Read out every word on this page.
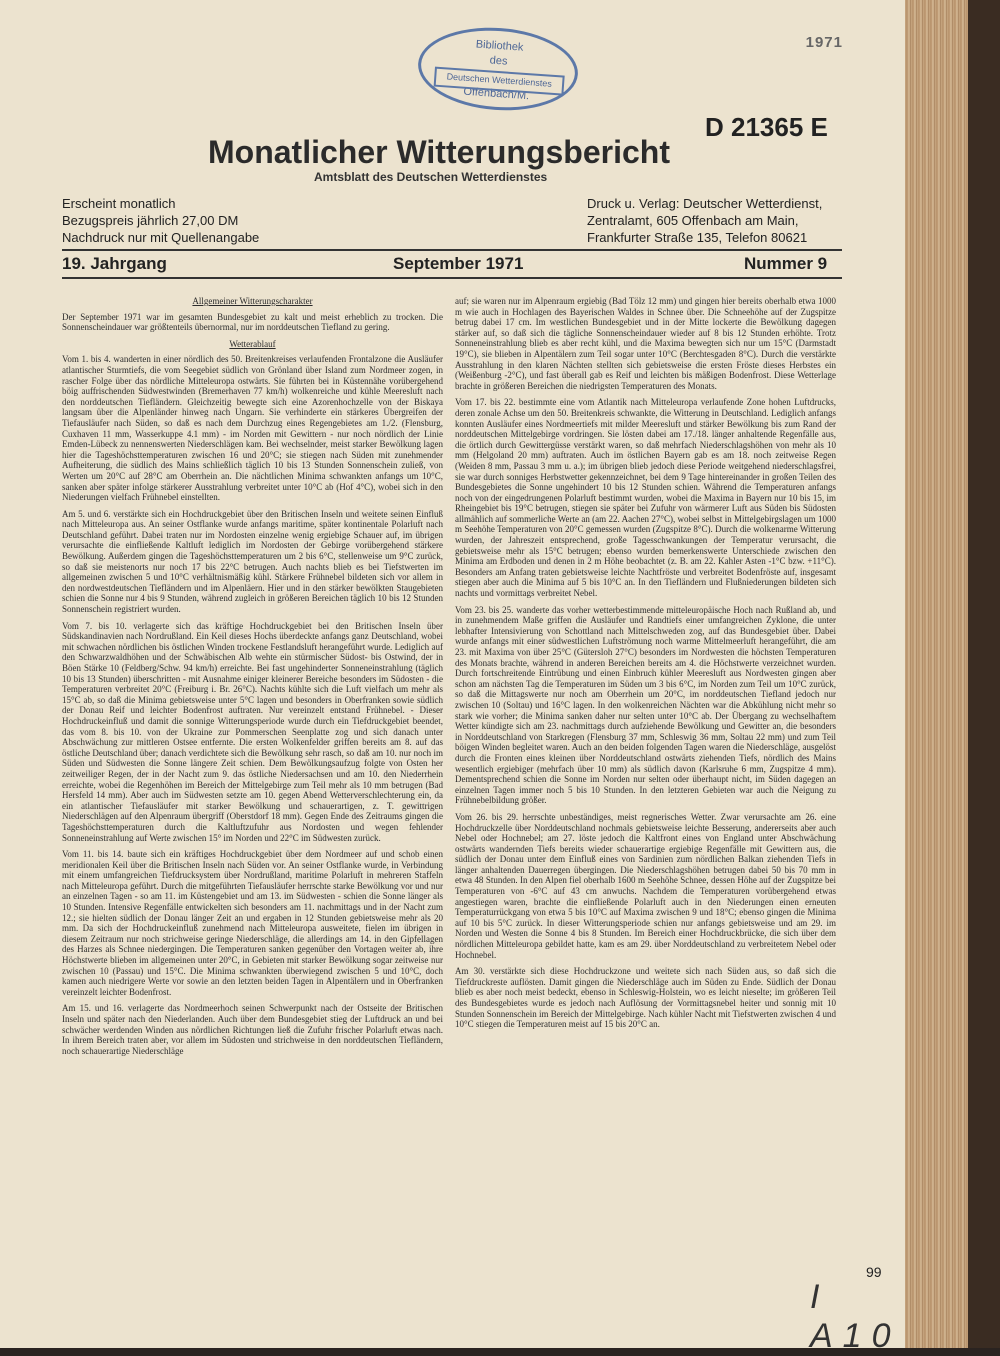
Bibliothek
des
Deutschen Wetterdienstes
Offenbach/M.
1971
D 21365 E
Monatlicher Witterungsbericht
Amtsblatt des Deutschen Wetterdienstes
Erscheint monatlich
Bezugspreis jährlich 27,00 DM
Nachdruck nur mit Quellenangabe
Druck u. Verlag: Deutscher Wetterdienst,
Zentralamt, 605 Offenbach am Main,
Frankfurter Straße 135, Telefon 80621
19. Jahrgang	September 1971	Nummer 9
Allgemeiner Witterungscharakter

Der September 1971 war im gesamten Bundesgebiet zu kalt und meist erheblich zu trocken. Die Sonnenscheindauer war größtenteils übernormal, nur im norddeutschen Tiefland zu gering.

Wetterablauf

Vom 1. bis 4. wanderten in einer nördlich des 50. Breitenkreises verlaufenden Frontalzone die Ausläufer atlantischer Sturmtiefs, die vom Seegebiet südlich von Grönland über Island zum Nordmeer zogen, in rascher Folge über das nördliche Mitteleuropa ostwärts. Sie führten bei in Küstennähe vorübergehend böig auffrischenden Südwestwinden (Bremerhaven 77 km/h) wolkenreiche und kühle Meeresluft nach den norddeutschen Tiefländern. Gleichzeitig bewegte sich eine Azorenhochzelle von der Biskaya langsam über die Alpenländer hinweg nach Ungarn. Sie verhinderte ein stärkeres Übergreifen der Tiefausläufer nach Süden, so daß es nach dem Durchzug eines Regengebietes am 1./2. (Flensburg, Cuxhaven 11 mm, Wasserkuppe 4.1 mm) - im Norden mit Gewittern - nur noch nördlich der Linie Emden-Lübeck zu nennenswerten Niederschlägen kam. Bei wechselnder, meist starker Bewölkung lagen hier die Tageshöchsttemperaturen zwischen 16 und 20°C; sie stiegen nach Süden mit zunehmender Aufheiterung, die südlich des Mains schließlich täglich 10 bis 13 Stunden Sonnenschein zuließ, von Werten um 20°C auf 28°C am Oberrhein an. Die nächtlichen Minima schwankten anfangs um 10°C, sanken aber später infolge stärkerer Ausstrahlung verbreitet unter 10°C ab (Hof 4°C), wobei sich in den Niederungen vielfach Frühnebel einstellten.

Am 5. und 6. verstärkte sich ein Hochdruckgebiet über den Britischen Inseln und weitete seinen Einfluß nach Mitteleuropa aus. An seiner Ostflanke wurde anfangs maritime, später kontinentale Polarluft nach Deutschland geführt. Dabei traten nur im Nordosten einzelne wenig ergiebige Schauer auf, im übrigen verursachte die einfließende Kaltluft lediglich im Nordosten der Gebirge vorübergehend stärkere Bewölkung. Außerdem gingen die Tageshöchsttemperaturen um 2 bis 6°C, stellenweise um 9°C zurück, so daß sie meistenorts nur noch 17 bis 22°C betrugen. Auch nachts blieb es bei Tiefstwerten im allgemeinen zwischen 5 und 10°C verhältnismäßig kühl. Stärkere Frühnebel bildeten sich vor allem in den nordwestdeutschen Tiefländern und im Alpenläern. Hier und in den stärker bewölkten Staugebieten schien die Sonne nur 4 bis 9 Stunden, während zugleich in größeren Bereichen täglich 10 bis 12 Stunden Sonnenschein registriert wurden.

Vom 7. bis 10. verlagerte sich das kräftige Hochdruckgebiet bei den Britischen Inseln über Südskandinavien nach Nordrußland. Ein Keil dieses Hochs überdeckte anfangs ganz Deutschland, wobei mit schwachen nördlichen bis östlichen Winden trockene Festlandsluft herangeführt wurde. Lediglich auf den Schwarzwaldhöhen und der Schwäbischen Alb wehte ein stürmischer Südost- bis Ostwind, der in Böen Stärke 10 (Feldberg/Schw. 94 km/h) erreichte. Bei fast ungehinderter Sonneneinstrahlung (täglich 10 bis 13 Stunden) überschritten - mit Ausnahme einiger kleinerer Bereiche besonders im Südosten - die Temperaturen verbreitet 20°C (Freiburg i. Br. 26°C). Nachts kühlte sich die Luft vielfach um mehr als 15°C ab, so daß die Minima gebietsweise unter 5°C lagen und besonders in Oberfranken sowie südlich der Donau Reif und leichter Bodenfrost auftraten. Nur vereinzelt entstand Frühnebel. - Dieser Hochdruckeinfluß und damit die sonnige Witterungsperiode wurde durch ein Tiefdruckgebiet beendet, das vom 8. bis 10. von der Ukraine zur Pommerschen Seenplatte zog und sich danach unter Abschwächung zur mittleren Ostsee entfernte. Die ersten Wolkenfelder griffen bereits am 8. auf das östliche Deutschland über; danach verdichtete sich die Bewölkung sehr rasch, so daß am 10. nur noch im Süden und Südwesten die Sonne längere Zeit schien. Dem Bewölkungsaufzug folgte von Osten her zeitweiliger Regen, der in der Nacht zum 9. das östliche Niedersachsen und am 10. den Niederrhein erreichte, wobei die Regenhöhen im Bereich der Mittelgebirge zum Teil mehr als 10 mm betrugen (Bad Hersfeld 14 mm). Aber auch im Südwesten setzte am 10. gegen Abend Wetterverschlechterung ein, da ein atlantischer Tiefausläufer mit starker Bewölkung und schauerartigen, z. T. gewittrigen Niederschlägen auf den Alpenraum übergriff (Oberstdorf 18 mm). Gegen Ende des Zeitraums gingen die Tageshöchsttemperaturen durch die Kaltluftzufuhr aus Nordosten und wegen fehlender Sonneneinstrahlung auf Werte zwischen 15° im Norden und 22°C im Südwesten zurück.

Vom 11. bis 14. baute sich ein kräftiges Hochdruckgebiet über dem Nordmeer auf und schob einen meridionalen Keil über die Britischen Inseln nach Süden vor. An seiner Ostflanke wurde, in Verbindung mit einem umfangreichen Tiefdrucksystem über Nordrußland, maritime Polarluft in mehreren Staffeln nach Mitteleuropa geführt. Durch die mitgeführten Tiefausläufer herrschte starke Bewölkung vor und nur an einzelnen Tagen - so am 11. im Küstengebiet und am 13. im Südwesten - schien die Sonne länger als 10 Stunden. Intensive Regenfälle entwickelten sich besonders am 11. nachmittags und in der Nacht zum 12.; sie hielten südlich der Donau länger Zeit an und ergaben in 12 Stunden gebietsweise mehr als 20 mm. Da sich der Hochdruckeinfluß zunehmend nach Mitteleuropa ausweitete, fielen im übrigen in diesem Zeitraum nur noch strichweise geringe Niederschläge, die allerdings am 14. in den Gipfellagen des Harzes als Schnee niedergingen. Die Temperaturen sanken gegenüber den Vortagen weiter ab, ihre Höchstwerte blieben im allgemeinen unter 20°C, in Gebieten mit starker Bewölkung sogar zeitweise nur zwischen 10 (Passau) und 15°C. Die Minima schwankten überwiegend zwischen 5 und 10°C, doch kamen auch niedrigere Werte vor sowie an den letzten beiden Tagen in Alpentälern und in Oberfranken vereinzelt leichter Bodenfrost.

Am 15. und 16. verlagerte das Nordmeerhoch seinen Schwerpunkt nach der Ostseite der Britischen Inseln und später nach den Niederlanden. Auch über dem Bundesgebiet stieg der Luftdruck an und bei schwächer werdenden Winden aus nördlichen Richtungen ließ die Zufuhr frischer Polarluft etwas nach. In ihrem Bereich traten aber, vor allem im Südosten und strichweise in den norddeutschen Tiefländern, noch schauerartige Niederschläge

auf; sie waren nur im Alpenraum ergiebig (Bad Tölz 12 mm) und gingen hier bereits oberhalb etwa 1000 m wie auch in Hochlagen des Bayerischen Waldes in Schnee über. Die Schneehöhe auf der Zugspitze betrug dabei 17 cm. Im westlichen Bundesgebiet und in der Mitte lockerte die Bewölkung dagegen stärker auf, so daß sich die tägliche Sonnenscheindauer wieder auf 8 bis 12 Stunden erhöhte. Trotz Sonneneinstrahlung blieb es aber recht kühl, und die Maxima bewegten sich nur um 15°C (Darmstadt 19°C), sie blieben in Alpentälern zum Teil sogar unter 10°C (Berchtesgaden 8°C). Durch die verstärkte Ausstrahlung in den klaren Nächten stellten sich gebietsweise die ersten Fröste dieses Herbstes ein (Weißenburg -2°C), und fast überall gab es Reif und leichten bis mäßigen Bodenfrost. Diese Wetterlage brachte in größeren Bereichen die niedrigsten Temperaturen des Monats.

Vom 17. bis 22. bestimmte eine vom Atlantik nach Mitteleuropa verlaufende Zone hohen Luftdrucks, deren zonale Achse um den 50. Breitenkreis schwankte, die Witterung in Deutschland. Lediglich anfangs konnten Ausläufer eines Nordmeertiefs mit milder Meeresluft und stärker Bewölkung bis zum Rand der norddeutschen Mittelgebirge vordringen. Sie lösten dabei am 17./18. länger anhaltende Regenfälle aus, die örtlich durch Gewittergüsse verstärkt waren, so daß mehrfach Niederschlagshöhen von mehr als 10 mm (Helgoland 20 mm) auftraten. Auch im östlichen Bayern gab es am 18. noch zeitweise Regen (Weiden 8 mm, Passau 3 mm u. a.); im übrigen blieb jedoch diese Periode weitgehend niederschlagsfrei, sie war durch sonniges Herbstwetter gekennzeichnet, bei dem 9 Tage hintereinander in großen Teilen des Bundesgebietes die Sonne ungehindert 10 bis 12 Stunden schien. Während die Temperaturen anfangs noch von der eingedrungenen Polarluft bestimmt wurden, wobei die Maxima in Bayern nur 10 bis 15, im Rheingebiet bis 19°C betrugen, stiegen sie später bei Zufuhr von wärmerer Luft aus Süden bis Südosten allmählich auf sommerliche Werte an (am 22. Aachen 27°C), wobei selbst in Mittelgebirgslagen um 1000 m Seehöhe Temperaturen von 20°C gemessen wurden (Zugspitze 8°C). Durch die wolkenarme Witterung wurden, der Jahreszeit entsprechend, große Tagesschwankungen der Temperatur verursacht, die gebietsweise mehr als 15°C betrugen; ebenso wurden bemerkenswerte Unterschiede zwischen den Minima am Erdboden und denen in 2 m Höhe beobachtet (z. B. am 22. Kahler Asten -1°C bzw. +11°C). Besonders am Anfang traten gebietsweise leichte Nachtfröste und verbreitet Bodenfröste auf, insgesamt stiegen aber auch die Minima auf 5 bis 10°C an. In den Tiefländern und Flußniederungen bildeten sich nachts und vormittags verbreitet Nebel.

Vom 23. bis 25. wanderte das vorher wetterbestimmende mitteleuropäische Hoch nach Rußland ab, und in zunehmendem Maße griffen die Ausläufer und Randtiefs einer umfangreichen Zyklone, die unter lebhafter Intensivierung von Schottland nach Mittelschweden zog, auf das Bundesgebiet über. Dabei wurde anfangs mit einer südwestlichen Luftströmung noch warme Mittelmeerluft herangeführt, die am 23. mit Maxima von über 25°C (Gütersloh 27°C) besonders im Nordwesten die höchsten Temperaturen des Monats brachte, während in anderen Bereichen bereits am 4. die Höchstwerte verzeichnet wurden. Durch fortschreitende Eintrübung und einen Einbruch kühler Meeresluft aus Nordwesten gingen aber schon am nächsten Tag die Temperaturen im Süden um 3 bis 6°C, im Norden zum Teil um 10°C zurück, so daß die Mittagswerte nur noch am Oberrhein um 20°C, im norddeutschen Tiefland jedoch nur zwischen 10 (Soltau) und 16°C lagen. In den wolkenreichen Nächten war die Abkühlung nicht mehr so stark wie vorher; die Minima sanken daher nur selten unter 10°C ab. Der Übergang zu wechselhaftem Wetter kündigte sich am 23. nachmittags durch aufziehende Bewölkung und Gewitter an, die besonders in Norddeutschland von Starkregen (Flensburg 37 mm, Schleswig 36 mm, Soltau 22 mm) und zum Teil böigen Winden begleitet waren. Auch an den beiden folgenden Tagen waren die Niederschläge, ausgelöst durch die Fronten eines kleinen über Norddeutschland ostwärts ziehenden Tiefs, nördlich des Mains wesentlich ergiebiger (mehrfach über 10 mm) als südlich davon (Karlsruhe 6 mm, Zugspitze 4 mm). Dementsprechend schien die Sonne im Norden nur selten oder überhaupt nicht, im Süden dagegen an einzelnen Tagen immer noch 5 bis 10 Stunden. In den letzteren Gebieten war auch die Neigung zu Frühnebelbildung größer.

Vom 26. bis 29. herrschte unbeständiges, meist regnerisches Wetter. Zwar verursachte am 26. eine Hochdruckzelle über Norddeutschland nochmals gebietsweise leichte Besserung, andererseits aber auch Nebel oder Hochnebel; am 27. löste jedoch die Kaltfront eines von England unter Abschwächung ostwärts wandernden Tiefs bereits wieder schauerartige ergiebige Regenfälle mit Gewittern aus, die südlich der Donau unter dem Einfluß eines von Sardinien zum nördlichen Balkan ziehenden Tiefs in länger anhaltenden Dauerregen übergingen. Die Niederschlagshöhen betrugen dabei 50 bis 70 mm in etwa 48 Stunden. In den Alpen fiel oberhalb 1600 m Seehöhe Schnee, dessen Höhe auf der Zugspitze bei Temperaturen von -6°C auf 43 cm anwuchs. Nachdem die Temperaturen vorübergehend etwas angestiegen waren, brachte die einfließende Polarluft auch in den Niederungen einen erneuten Temperaturrückgang von etwa 5 bis 10°C auf Maxima zwischen 9 und 18°C; ebenso gingen die Minima auf 10 bis 5°C zurück. In dieser Witterungsperiode schien nur anfangs gebietsweise und am 29. im Norden und Westen die Sonne 4 bis 8 Stunden. Im Bereich einer Hochdruckbrücke, die sich über dem nördlichen Mitteleuropa gebildet hatte, kam es am 29. über Norddeutschland zu verbreitetem Nebel oder Hochnebel.

Am 30. verstärkte sich diese Hochdruckzone und weitete sich nach Süden aus, so daß sich die Tiefdruckreste auflösten. Damit gingen die Niederschläge auch im Süden zu Ende. Südlich der Donau blieb es aber noch meist bedeckt, ebenso in Schleswig-Holstein, wo es leicht nieselte; im größeren Teil des Bundesgebietes wurde es jedoch nach Auflösung der Vormittagsnebel heiter und sonnig mit 10 Stunden Sonnenschein im Bereich der Mittelgebirge. Nach kühler Nacht mit Tiefstwerten zwischen 4 und 10°C stiegen die Temperaturen meist auf 15 bis 20°C an.

99
I A10
